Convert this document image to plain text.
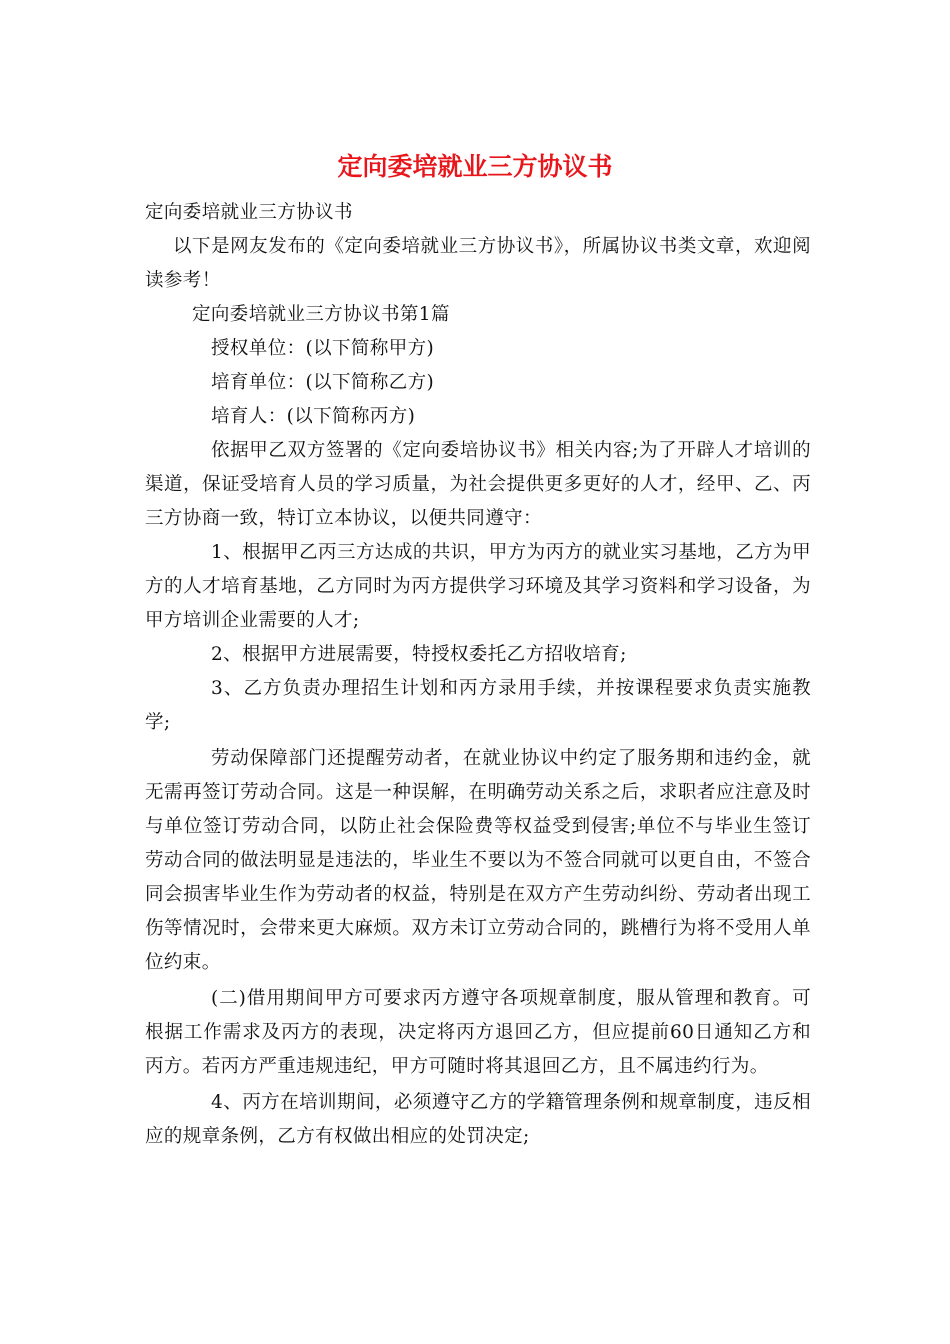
定向委培就业三方协议书

定向委培就业三方协议书

以下是网友发布的《定向委培就业三方协议书》，所属协议书类文章，欢迎阅读参考！

定向委培就业三方协议书第1篇

授权单位：(以下简称甲方)

培育单位：(以下简称乙方)

培育人：(以下简称丙方)

依据甲乙双方签署的《定向委培协议书》相关内容;为了开辟人才培训的渠道，保证受培育人员的学习质量，为社会提供更多更好的人才，经甲、乙、丙三方协商一致，特订立本协议，以便共同遵守：

1、根据甲乙丙三方达成的共识，甲方为丙方的就业实习基地，乙方为甲方的人才培育基地，乙方同时为丙方提供学习环境及其学习资料和学习设备，为甲方培训企业需要的人才;

2、根据甲方进展需要，特授权委托乙方招收培育;

3、乙方负责办理招生计划和丙方录用手续，并按课程要求负责实施教学;

劳动保障部门还提醒劳动者，在就业协议中约定了服务期和违约金，就无需再签订劳动合同。这是一种误解，在明确劳动关系之后，求职者应注意及时与单位签订劳动合同，以防止社会保险费等权益受到侵害;单位不与毕业生签订劳动合同的做法明显是违法的，毕业生不要以为不签合同就可以更自由，不签合同会损害毕业生作为劳动者的权益，特别是在双方产生劳动纠纷、劳动者出现工伤等情况时，会带来更大麻烦。双方未订立劳动合同的，跳槽行为将不受用人单位约束。

(二)借用期间甲方可要求丙方遵守各项规章制度，服从管理和教育。可根据工作需求及丙方的表现，决定将丙方退回乙方，但应提前60日通知乙方和丙方。若丙方严重违规违纪，甲方可随时将其退回乙方，且不属违约行为。

4、丙方在培训期间，必须遵守乙方的学籍管理条例和规章制度，违反相应的规章条例，乙方有权做出相应的处罚决定;
